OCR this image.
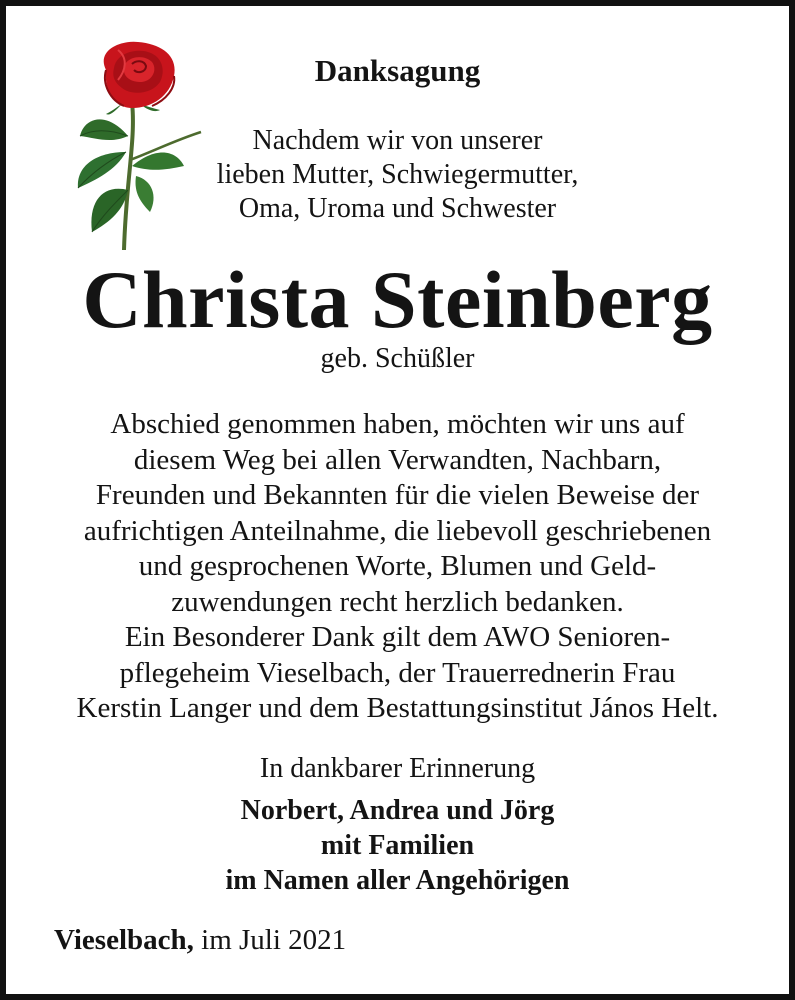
Danksagung
Nachdem wir von unserer
lieben Mutter, Schwiegermutter,
Oma, Uroma und Schwester
Christa Steinberg
geb. Schüßler
Abschied genommen haben, möchten wir uns auf
diesem Weg bei allen Verwandten, Nachbarn,
Freunden und Bekannten für die vielen Beweise der
aufrichtigen Anteilnahme, die liebevoll geschriebenen
und gesprochenen Worte, Blumen und Geld-
zuwendungen recht herzlich bedanken.
Ein Besonderer Dank gilt dem AWO Senioren-
pflegeheim Vieselbach, der Trauerrednerin Frau
Kerstin Langer und dem Bestattungsinstitut János Helt.
In dankbarer Erinnerung
Norbert, Andrea und Jörg
mit Familien
im Namen aller Angehörigen
Vieselbach, im Juli 2021
